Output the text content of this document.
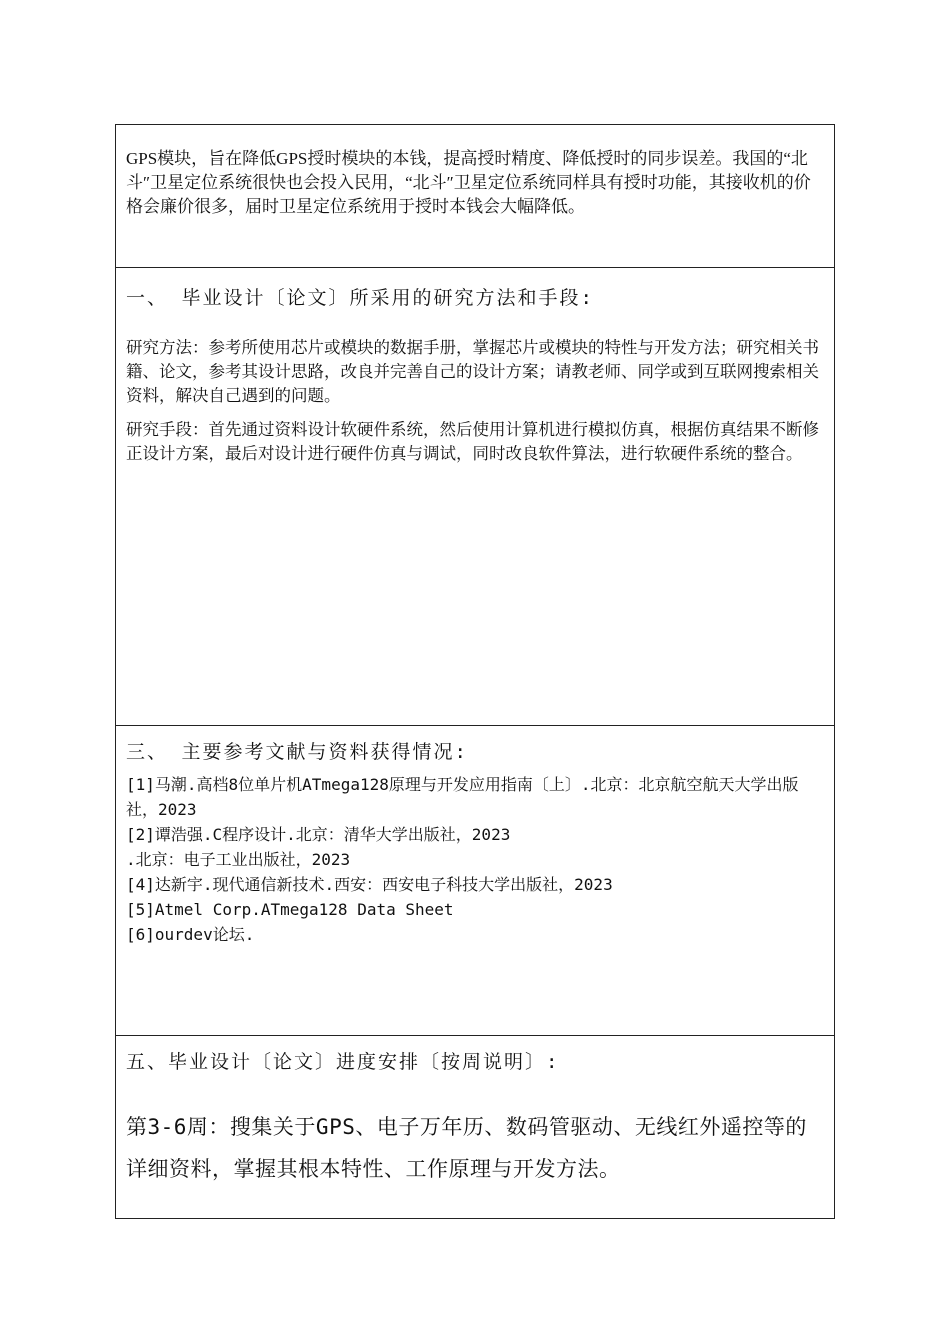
GPS模块，旨在降低GPS授时模块的本钱，提高授时精度、降低授时的同步误差。我国的“北斗″卫星定位系统很快也会投入民用，“北斗″卫星定位系统同样具有授时功能，其接收机的价格会廉价很多，届时卫星定位系统用于授时本钱会大幅降低。

一、 毕业设计〔论文〕所采用的研究方法和手段:

研究方法：参考所使用芯片或模块的数据手册，掌握芯片或模块的特性与开发方法；研究相关书籍、论文，参考其设计思路，改良并完善自己的设计方案；请教老师、同学或到互联网搜索相关资料，解决自己遇到的问题。

研究手段：首先通过资料设计软硬件系统，然后使用计算机进行模拟仿真，根据仿真结果不断修正设计方案，最后对设计进行硬件仿真与调试，同时改良软件算法，进行软硬件系统的整合。

三、 主要参考文献与资料获得情况:

[1]马潮.高档8位单片机ATmega128原理与开发应用指南〔上〕.北京：北京航空航天大学出版社，2023

[2]谭浩强.C程序设计.北京：清华大学出版社，2023

.北京：电子工业出版社，2023

[4]达新宇.现代通信新技术.西安：西安电子科技大学出版社，2023

[5]Atmel Corp.ATmega128 Data Sheet

[6]ourdev论坛.

五、毕业设计〔论文〕进度安排〔按周说明〕:

第3-6周：搜集关于GPS、电子万年历、数码管驱动、无线红外遥控等的详细资料，掌握其根本特性、工作原理与开发方法。
